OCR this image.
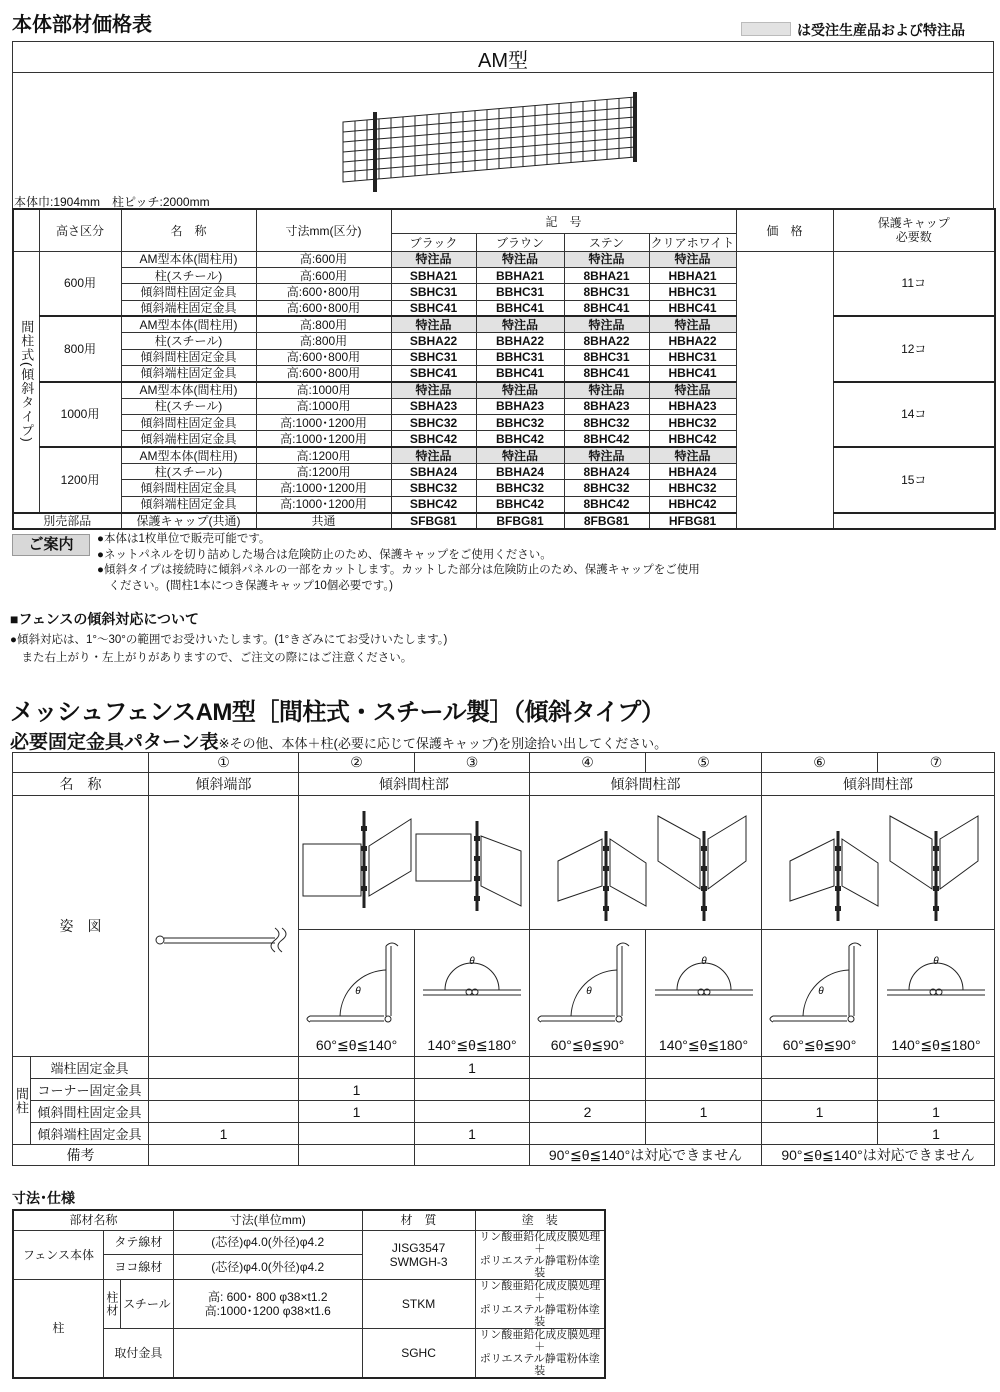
本体部材価格表	は受注生産品および特注品
AM型
本体巾:1904mm　柱ピッチ:2000mm
	高さ区分	名　称	寸法mm(区分)	記　号				価　格	保護キャップ
必要数
				ブラック	ブラウン	ステン	クリアホワイト		
間柱式(傾斜タイプ)	600用	AM型本体(間柱用)	高:600用	特注品	特注品	特注品	特注品		11コ
		柱(スチール)	高:600用	SBHA21	BBHA21	8BHA21	HBHA21		
		傾斜間柱固定金具	高:600･800用	SBHC31	BBHC31	8BHC31	HBHC31		
		傾斜端柱固定金具	高:600･800用	SBHC41	BBHC41	8BHC41	HBHC41		
	800用	AM型本体(間柱用)	高:800用	特注品	特注品	特注品	特注品		12コ
		柱(スチール)	高:800用	SBHA22	BBHA22	8BHA22	HBHA22		
		傾斜間柱固定金具	高:600･800用	SBHC31	BBHC31	8BHC31	HBHC31		
		傾斜端柱固定金具	高:600･800用	SBHC41	BBHC41	8BHC41	HBHC41		
	1000用	AM型本体(間柱用)	高:1000用	特注品	特注品	特注品	特注品		14コ
		柱(スチール)	高:1000用	SBHA23	BBHA23	8BHA23	HBHA23		
		傾斜間柱固定金具	高:1000･1200用	SBHC32	BBHC32	8BHC32	HBHC32		
		傾斜端柱固定金具	高:1000･1200用	SBHC42	BBHC42	8BHC42	HBHC42		
	1200用	AM型本体(間柱用)	高:1200用	特注品	特注品	特注品	特注品		15コ
		柱(スチール)	高:1200用	SBHA24	BBHA24	8BHA24	HBHA24		
		傾斜間柱固定金具	高:1000･1200用	SBHC32	BBHC32	8BHC32	HBHC32		
		傾斜端柱固定金具	高:1000･1200用	SBHC42	BBHC42	8BHC42	HBHC42		
別売部品		保護キャップ(共通)	共通	SFBG81	BFBG81	8FBG81	HFBG81		
ご案内	●本体は1枚単位で販売可能です。
●ネットパネルを切り詰めした場合は危険防止のため、保護キャップをご使用ください。
●傾斜タイプは接続時に傾斜パネルの一部をカットします。カットした部分は危険防止のため、保護キャップをご使用
　ください。(間柱1本につき保護キャップ10個必要です。)
■フェンスの傾斜対応について
●傾斜対応は、1°～30°の範囲でお受けいたします。(1°きざみにてお受けいたします。)
　また右上がり・左上がりがありますので、ご注文の際にはご注意ください。
メッシュフェンスAM型［間柱式・スチール製］（傾斜タイプ）
必要固定金具パターン表※その他、本体＋柱(必要に応じて保護キャップ)を別途拾い出してください。
		①	②	③	④	⑤	⑥	⑦
名　称		傾斜端部	傾斜間柱部		傾斜間柱部		傾斜間柱部	
姿　図				

θ
60°≦θ≦140°	θ
140°≦θ≦180°	θ
60°≦θ≦90°	θ
140°≦θ≦180°	θ
60°≦θ≦90°	θ
140°≦θ≦180°

間柱	端柱固定金具			1				
	コーナー固定金具		1					
	傾斜間柱固定金具		1		2	1	1	1
	傾斜端柱固定金具	1		1				1
備考					90°≦θ≦140°は対応できません		90°≦θ≦140°は対応できません	
寸法･仕様
部材名称			寸法(単位mm)	材　質	塗　装
フェンス本体	タテ線材		(芯径)φ4.0(外径)φ4.2	JISG3547
SWMGH-3	リン酸亜鉛化成皮膜処理
＋
ポリエステル静電粉体塗装
	ヨコ線材		(芯径)φ4.0(外径)φ4.2		
柱	柱材	スチール	高: 600･ 800 φ38×t1.2
高:1000･1200 φ38×t1.6	STKM	リン酸亜鉛化成皮膜処理
＋
ポリエステル静電粉体塗装
	取付金具			SGHC	リン酸亜鉛化成皮膜処理
＋
ポリエステル静電粉体塗装
